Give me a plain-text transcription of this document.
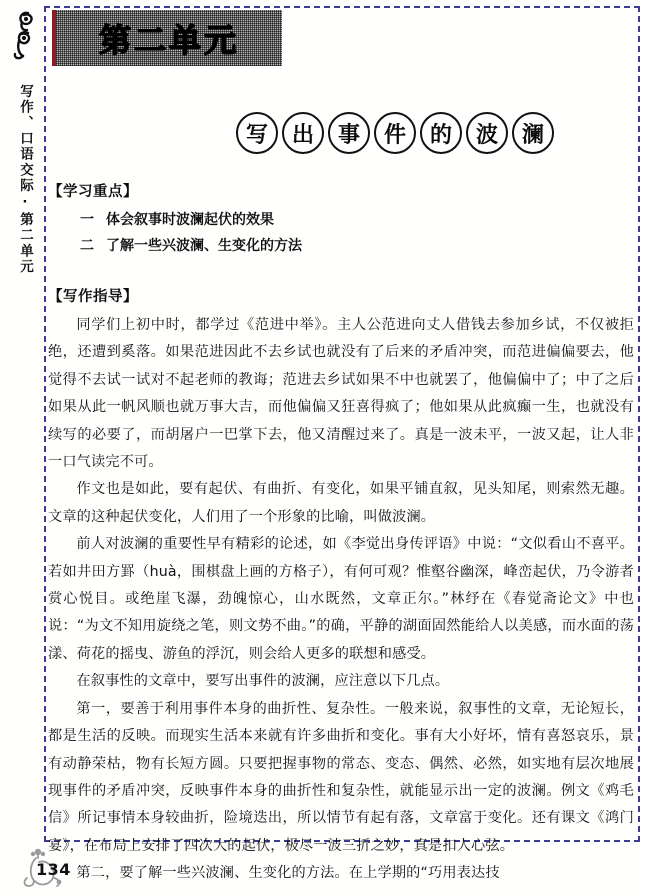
写作、口语交际·第二单元
第二单元
写	出	事	件	的	波	澜
【学习重点】
一 体会叙事时波澜起伏的效果
二 了解一些兴波澜、生变化的方法
【写作指导】

同学们上初中时，都学过《范进中举》。主人公范进向丈人借钱去参加乡试，不仅被拒绝，还遭到奚落。如果范进因此不去乡试也就没有了后来的矛盾冲突，而范进偏偏要去，他觉得不去试一试对不起老师的教诲；范进去乡试如果不中也就罢了，他偏偏中了；中了之后如果从此一帆风顺也就万事大吉，而他偏偏又狂喜得疯了；他如果从此疯癫一生，也就没有续写的必要了，而胡屠户一巴掌下去，他又清醒过来了。真是一波未平，一波又起，让人非一口气读完不可。

作文也是如此，要有起伏、有曲折、有变化，如果平铺直叙，见头知尾，则索然无趣。文章的这种起伏变化，人们用了一个形象的比喻，叫做波澜。

前人对波澜的重要性早有精彩的论述，如《李觉出身传评语》中说：“文似看山不喜平。若如井田方罫（huà，围棋盘上画的方格子），有何可观？惟壑谷幽深，峰峦起伏，乃令游者赏心悦目。或绝崖飞瀑，劲魄惊心，山水既然，文章正尔。”林纾在《春觉斋论文》中也说：“为文不知用旋绕之笔，则文势不曲。”的确，平静的湖面固然能给人以美感，而水面的荡漾、荷花的摇曳、游鱼的浮沉，则会给人更多的联想和感受。

在叙事性的文章中，要写出事件的波澜，应注意以下几点。

第一，要善于利用事件本身的曲折性、复杂性。一般来说，叙事性的文章，无论短长，都是生活的反映。而现实生活本来就有许多曲折和变化。事有大小好坏，情有喜怒哀乐，景有动静荣枯，物有长短方圆。只要把握事物的常态、变态、偶然、必然，如实地有层次地展现事件的矛盾冲突，反映事件本身的曲折性和复杂性，就能显示出一定的波澜。例文《鸡毛信》所记事情本身较曲折，险境迭出，所以情节有起有落，文章富于变化。还有课文《鸿门宴》，在布局上安排了四次大的起伏，极尽一波三折之妙，真是扣人心弦。

第二，要了解一些兴波澜、生变化的方法。在上学期的“巧用表达技

134
